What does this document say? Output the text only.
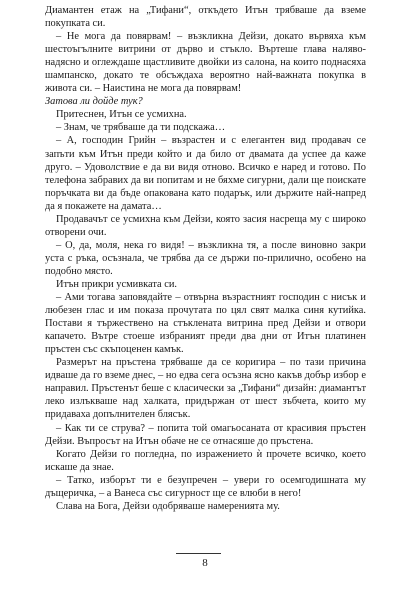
Диамантен етаж на „Тифани“, откъдето Итън трябваше да вземе покупката си.

– Не мога да повярвам! – възкликна Дейзи, докато вървяха към шестоъгълните витрини от дърво и стъкло. Въртеше глава наляво-надясно и оглеждаше щастливите двойки из салона, на които поднасяха шампанско, докато те обсъждаха вероятно най-важната покупка в живота си. – Наистина не мога да повярвам!

Затова ли дойде тук?

Притеснен, Итън се усмихна.

– Знам, че трябваше да ти подскажа…

– А, господин Грийн – възрастен и с елегантен вид продавач се запъти към Итън преди който и да било от двамата да успее да каже друго. – Удоволствие е да ви видя отново. Всичко е наред и готово. По телефона забравих да ви попитам и не бяхме сигурни, дали ще поискате поръчката ви да бъде опакована като подарък, или държите най-напред да я покажете на дамата…

Продавачът се усмихна към Дейзи, която засия насреща му с широко отворени очи.

– О, да, моля, нека го видя! – възкликна тя, а после виновно закри уста с ръка, осъзнала, че трябва да се държи по-прилично, особено на подобно място.

Итън прикри усмивката си.

– Ами тогава заповядайте – отвърна възрастният господин с нисък и любезен глас и им показа прочутата по цял свят малка синя кутийка. Постави я тържествено на стъклената витрина пред Дейзи и отвори капачето. Вътре стоеше избраният преди два дни от Итън платинен пръстен със скъпоценен камък.

Размерът на пръстена трябваше да се коригира – по тази причина идваше да го вземе днес, – но едва сега осъзна ясно какъв добър избор е направил. Пръстенът беше с класически за „Тифани“ дизайн: диамантът леко излъкваше над халката, придържан от шест зъбчета, които му придаваха допълнителен блясък.

– Как ти се струва? – попита той омагьосаната от красивия пръстен Дейзи. Въпросът на Итън обаче не се отнасяше до пръстена.

Когато Дейзи го погледна, по изражението ѝ прочете всичко, което искаше да знае.

– Татко, изборът ти е безупречен – увери го осемгодишната му дъщеричка, – а Ванеса със сигурност ще се влюби в него!

Слава на Бога, Дейзи одобряваше намеренията му.

8
